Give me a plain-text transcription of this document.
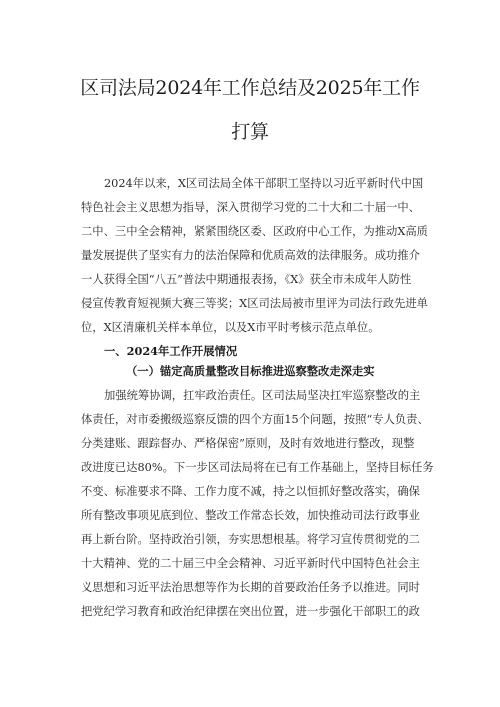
区司法局2024年工作总结及2025年工作
打算
2024年以来，X区司法局全体干部职工坚持以习近平新时代中国
特色社会主义思想为指导，深入贯彻学习党的二十大和二十届一中、
二中、三中全会精神，紧紧围绕区委、区政府中心工作，为推动X高质
量发展提供了坚实有力的法治保障和优质高效的法律服务。成功推介
一人获得全国“八五”普法中期通报表扬，《X》获全市未成年人防性
侵宣传教育短视频大赛三等奖；X区司法局被市里评为司法行政先进单
位，X区清廉机关样本单位，以及X市平时考核示范点单位。
一、2024年工作开展情况
（一）锚定高质量整改目标推进巡察整改走深走实
加强统筹协调，扛牢政治责任。区司法局坚决扛牢巡察整改的主
体责任，对市委搬级巡察反馈的四个方面15个问题，按照“专人负责、
分类建账、跟踪督办、严格保密”原则，及时有效地进行整改，现整
改进度已达80%。下一步区司法局将在已有工作基础上，坚持目标任务
不变、标准要求不降、工作力度不减，持之以恒抓好整改落实，确保
所有整改事项见底到位、整改工作常态长效，加快推动司法行政事业
再上新台阶。坚持政治引领，夯实思想根基。将学习宣传贯彻党的二
十大精神、党的二十届三中全会精神、习近平新时代中国特色社会主
义思想和习近平法治思想等作为长期的首要政治任务予以推进。同时
把党纪学习教育和政治纪律摆在突出位置，进一步强化干部职工的政
